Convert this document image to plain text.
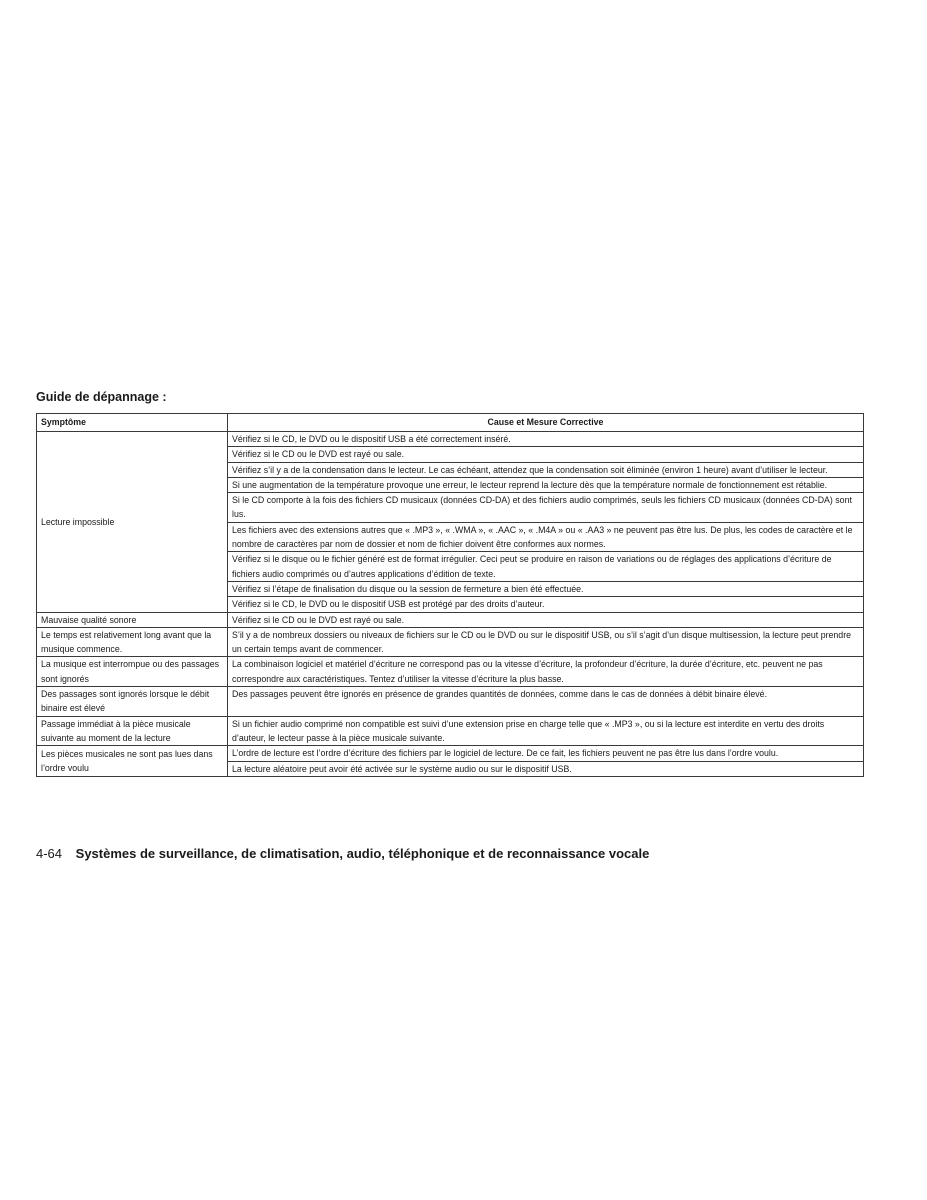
Guide de dépannage :
Symptôme	Cause et Mesure Corrective
Lecture impossible	Vérifiez si le CD, le DVD ou le dispositif USB a été correctement inséré.
	Vérifiez si le CD ou le DVD est rayé ou sale.
	Vérifiez s’il y a de la condensation dans le lecteur. Le cas échéant, attendez que la condensation soit éliminée (environ 1 heure) avant d’utiliser le lecteur.
	Si une augmentation de la température provoque une erreur, le lecteur reprend la lecture dès que la température normale de fonctionnement est rétablie.
	Si le CD comporte à la fois des fichiers CD musicaux (données CD-DA) et des fichiers audio comprimés, seuls les fichiers CD musicaux (données CD-DA) sont lus.
	Les fichiers avec des extensions autres que « .MP3 », « .WMA », « .AAC », « .M4A » ou « .AA3 » ne peuvent pas être lus. De plus, les codes de caractère et le nombre de caractères par nom de dossier et nom de fichier doivent être conformes aux normes.
	Vérifiez si le disque ou le fichier généré est de format irrégulier. Ceci peut se produire en raison de variations ou de réglages des applications d’écriture de fichiers audio comprimés ou d’autres applications d’édition de texte.
	Vérifiez si l’étape de finalisation du disque ou la session de fermeture a bien été effectuée.
	Vérifiez si le CD, le DVD ou le dispositif USB est protégé par des droits d’auteur.
Mauvaise qualité sonore	Vérifiez si le CD ou le DVD est rayé ou sale.
Le temps est relativement long avant que la musique commence.	S’il y a de nombreux dossiers ou niveaux de fichiers sur le CD ou le DVD ou sur le dispositif USB, ou s’il s’agit d’un disque multisession, la lecture peut prendre un certain temps avant de commencer.
La musique est interrompue ou des passages sont ignorés	La combinaison logiciel et matériel d’écriture ne correspond pas ou la vitesse d’écriture, la profondeur d’écriture, la durée d’écriture, etc. peuvent ne pas correspondre aux caractéristiques. Tentez d’utiliser la vitesse d’écriture la plus basse.
Des passages sont ignorés lorsque le débit binaire est élevé	Des passages peuvent être ignorés en présence de grandes quantités de données, comme dans le cas de données à débit binaire élevé.
Passage immédiat à la pièce musicale suivante au moment de la lecture	Si un fichier audio comprimé non compatible est suivi d’une extension prise en charge telle que « .MP3 », ou si la lecture est interdite en vertu des droits d’auteur, le lecteur passe à la pièce musicale suivante.
Les pièces musicales ne sont pas lues dans l’ordre voulu	L’ordre de lecture est l’ordre d’écriture des fichiers par le logiciel de lecture. De ce fait, les fichiers peuvent ne pas être lus dans l’ordre voulu.
	La lecture aléatoire peut avoir été activée sur le système audio ou sur le dispositif USB.
4-64 Systèmes de surveillance, de climatisation, audio, téléphonique et de reconnaissance vocale
